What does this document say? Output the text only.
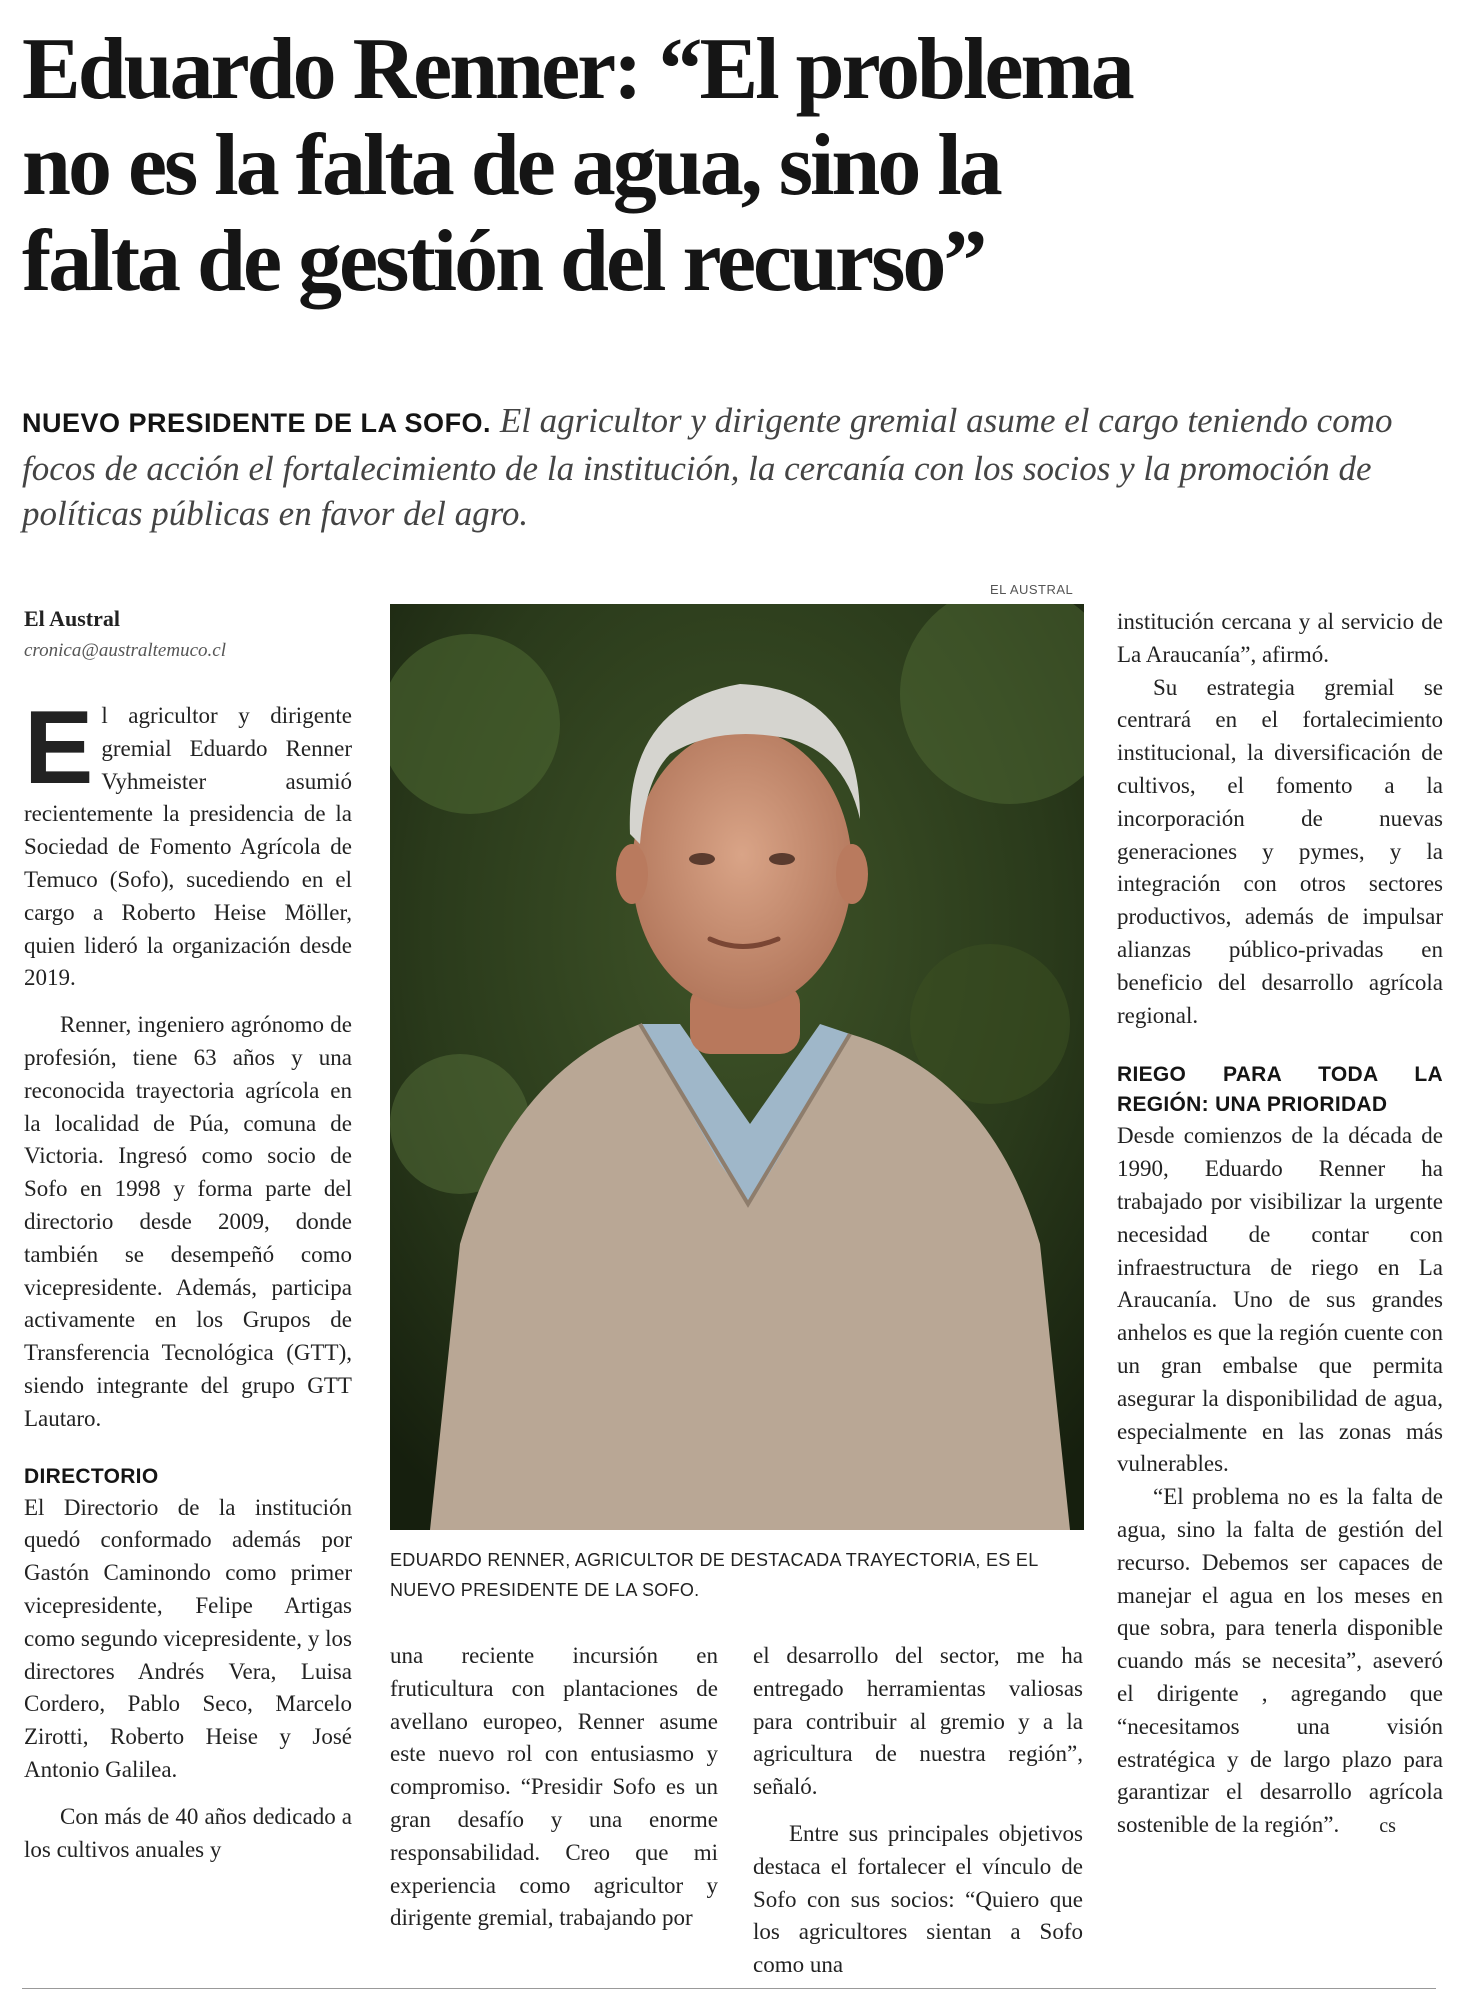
Eduardo Renner: “El problema
no es la falta de agua, sino la
falta de gestión del recurso”
NUEVO PRESIDENTE DE LA SOFO. El agricultor y dirigente gremial asume el cargo teniendo como focos de acción el fortalecimiento de la institución, la cercanía con los socios y la promoción de políticas públicas en favor del agro.
El Austral
cronica@australtemuco.cl

El agricultor y dirigente gremial Eduardo Renner Vyhmeister asumió recientemente la presidencia de la Sociedad de Fomento Agrícola de Temuco (Sofo), sucediendo en el cargo a Roberto Heise Möller, quien lideró la organización desde 2019.

Renner, ingeniero agrónomo de profesión, tiene 63 años y una reconocida trayectoria agrícola en la localidad de Púa, comuna de Victoria. Ingresó como socio de Sofo en 1998 y forma parte del directorio desde 2009, donde también se desempeñó como vicepresidente. Además, participa activamente en los Grupos de Transferencia Tecnológica (GTT), siendo integrante del grupo GTT Lautaro.

DIRECTORIO

El Directorio de la institución quedó conformado además por Gastón Caminondo como primer vicepresidente, Felipe Artigas como segundo vicepresidente, y los directores Andrés Vera, Luisa Cordero, Pablo Seco, Marcelo Zirotti, Roberto Heise y José Antonio Galilea.

Con más de 40 años dedicado a los cultivos anuales y

EL AUSTRAL
EDUARDO RENNER, AGRICULTOR DE DESTACADA TRAYECTORIA, ES EL NUEVO PRESIDENTE DE LA SOFO.

una reciente incursión en fruticultura con plantaciones de avellano europeo, Renner asume este nuevo rol con entusiasmo y compromiso. “Presidir Sofo es un gran desafío y una enorme responsabilidad. Creo que mi experiencia como agricultor y dirigente gremial, trabajando por

el desarrollo del sector, me ha entregado herramientas valiosas para contribuir al gremio y a la agricultura de nuestra región”, señaló.

Entre sus principales objetivos destaca el fortalecer el vínculo de Sofo con sus socios: “Quiero que los agricultores sientan a Sofo como una

institución cercana y al servicio de La Araucanía”, afirmó.

Su estrategia gremial se centrará en el fortalecimiento institucional, la diversificación de cultivos, el fomento a la incorporación de nuevas generaciones y pymes, y la integración con otros sectores productivos, además de impulsar alianzas público-privadas en beneficio del desarrollo agrícola regional.

RIEGO PARA TODA LA REGIÓN: UNA PRIORIDAD

Desde comienzos de la década de 1990, Eduardo Renner ha trabajado por visibilizar la urgente necesidad de contar con infraestructura de riego en La Araucanía. Uno de sus grandes anhelos es que la región cuente con un gran embalse que permita asegurar la disponibilidad de agua, especialmente en las zonas más vulnerables.

“El problema no es la falta de agua, sino la falta de gestión del recurso. Debemos ser capaces de manejar el agua en los meses en que sobra, para tenerla disponible cuando más se necesita”, aseveró el dirigente , agregando que “necesitamos una visión estratégica y de largo plazo para garantizar el desarrollo agrícola sostenible de la región”. cs
